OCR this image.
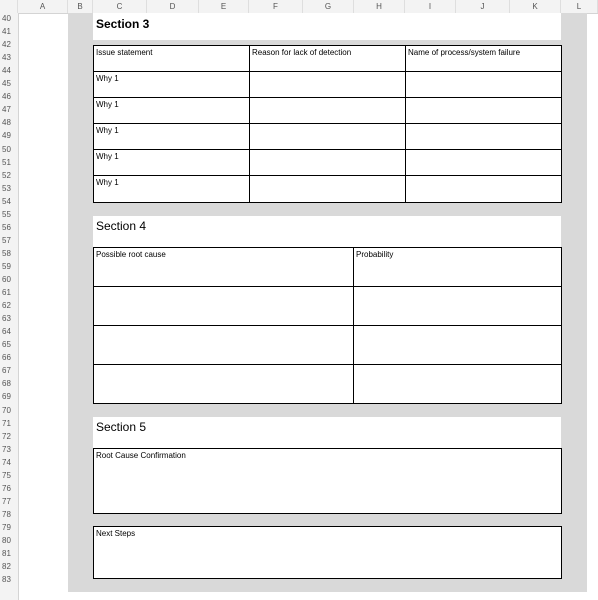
A	B	C	D	E	F	G	H	I	J	K	L
40
41
42
43
44
45
46
47
48
49
50
51
52
53
54
55
56
57
58
59
60
61
62
63
64
65
66
67
68
69
70
71
72
73
74
75
76
77
78
79
80
81
82
83
Section 3
Issue statement	Reason for lack of detection	Name of process/system failure
Why 1
Why 1
Why 1
Why 1
Why 1
Section 4
Possible root cause	Probability
Section 5
Root Cause Confirmation
Next Steps
